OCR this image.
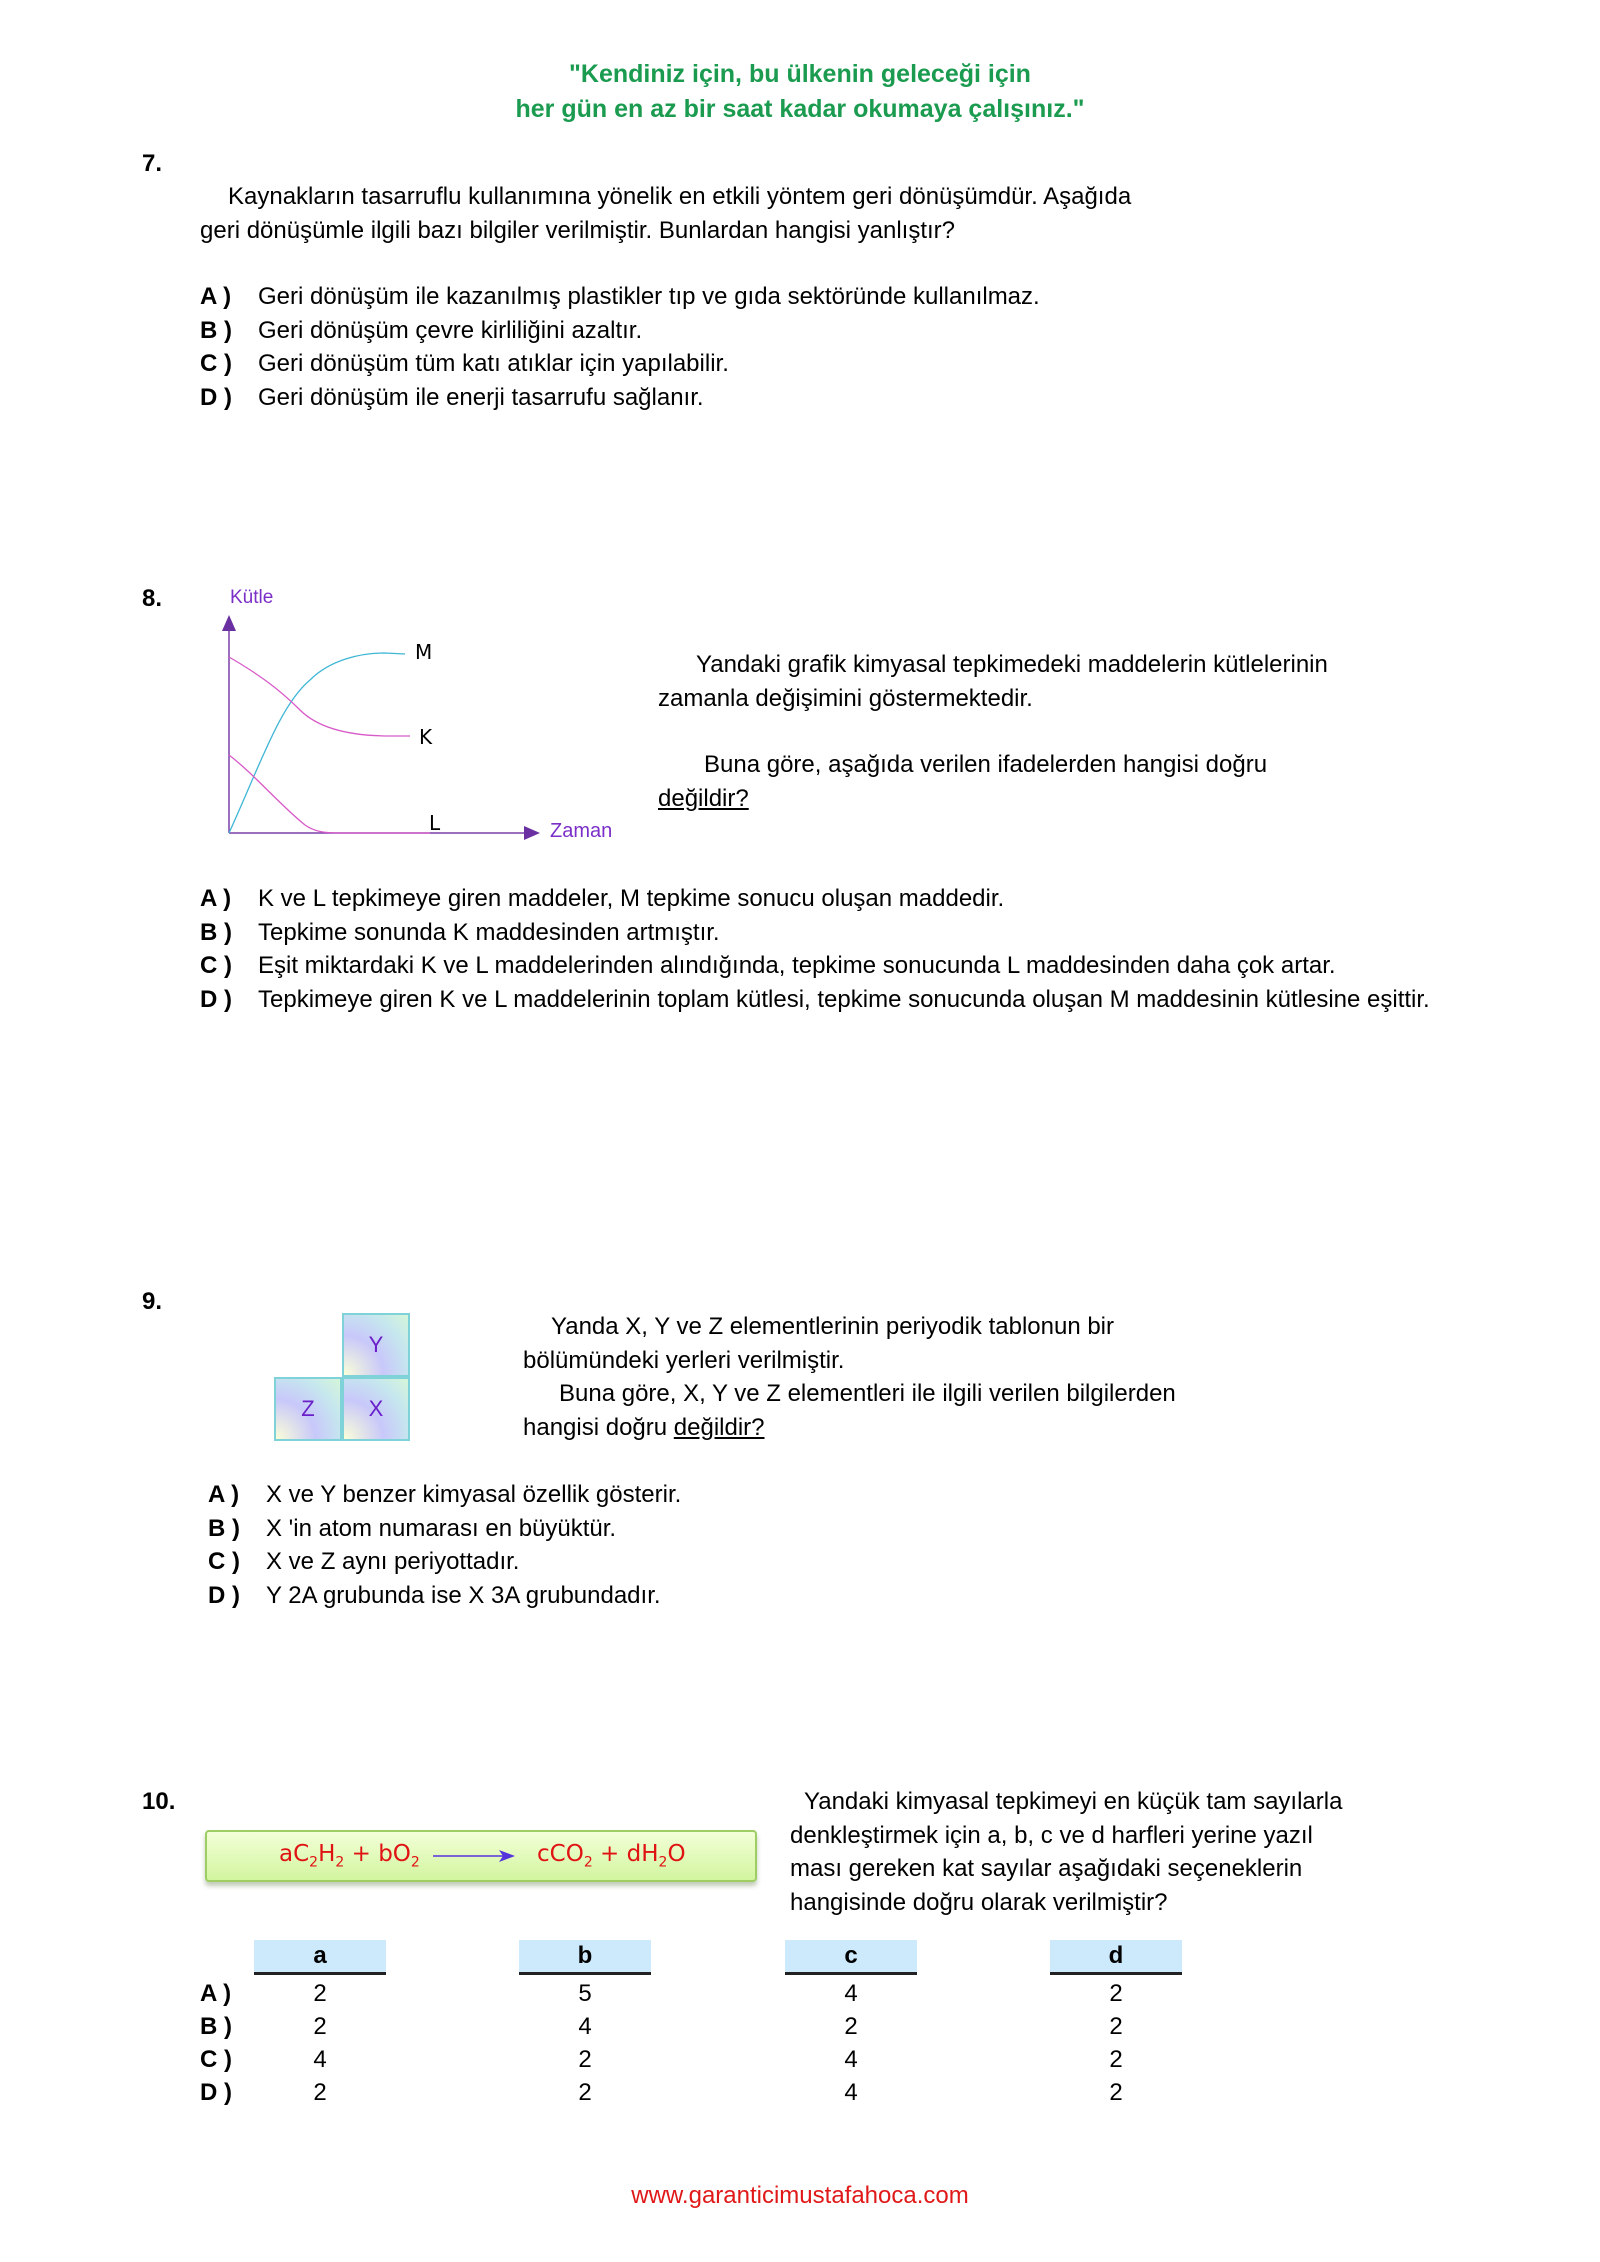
"Kendiniz için, bu ülkenin geleceği için
her gün en az bir saat kadar okumaya çalışınız."
7.
Kaynakların tasarruflu kullanımına yönelik en etkili yöntem geri dönüşümdür. Aşağıda
geri dönüşümle ilgili bazı bilgiler verilmiştir. Bunlardan hangisi yanlıştır?
A )	Geri dönüşüm ile kazanılmış plastikler tıp ve gıda sektöründe kullanılmaz.
B )	Geri dönüşüm çevre kirliliğini azaltır.
C )	Geri dönüşüm tüm katı atıklar için yapılabilir.
D )	Geri dönüşüm ile enerji tasarrufu sağlanır.
8.	Kütle
M
K
L	Zaman
Yandaki grafik kimyasal tepkimedeki maddelerin kütlelerinin
zamanla değişimini göstermektedir.
Buna göre, aşağıda verilen ifadelerden hangisi doğru
değildir?
A )	K ve L tepkimeye giren maddeler, M tepkime sonucu oluşan maddedir.
B )	Tepkime sonunda K maddesinden artmıştır.
C )	Eşit miktardaki K ve L maddelerinden alındığında, tepkime sonucunda L maddesinden daha çok artar.
D )	Tepkimeye giren K ve L maddelerinin toplam kütlesi, tepkime sonucunda oluşan M maddesinin kütlesine eşittir.
9.
Y
Z	X
Yanda X, Y ve Z elementlerinin periyodik tablonun bir
bölümündeki yerleri verilmiştir.
Buna göre, X, Y ve Z elementleri ile ilgili verilen bilgilerden
hangisi doğru değildir?
A )	X ve Y benzer kimyasal özellik gösterir.
B )	X 'in atom numarası en büyüktür.
C )	X ve Z aynı periyottadır.
D )	Y 2A grubunda ise X 3A grubundadır.
10.
$aC_2H_2 + bO_2$	$cCO_2 + dH_2O$
Yandaki kimyasal tepkimeyi en küçük tam sayılarla
denkleştirmek için a, b, c ve d harfleri yerine yazıl
ması gereken kat sayılar aşağıdaki seçeneklerin
hangisinde doğru olarak verilmiştir?
a	b	c	d
A )	2	5	4	2
B )	2	4	2	2
C )	4	2	4	2
D )	2	2	4	2
www.garanticimustafahoca.com
